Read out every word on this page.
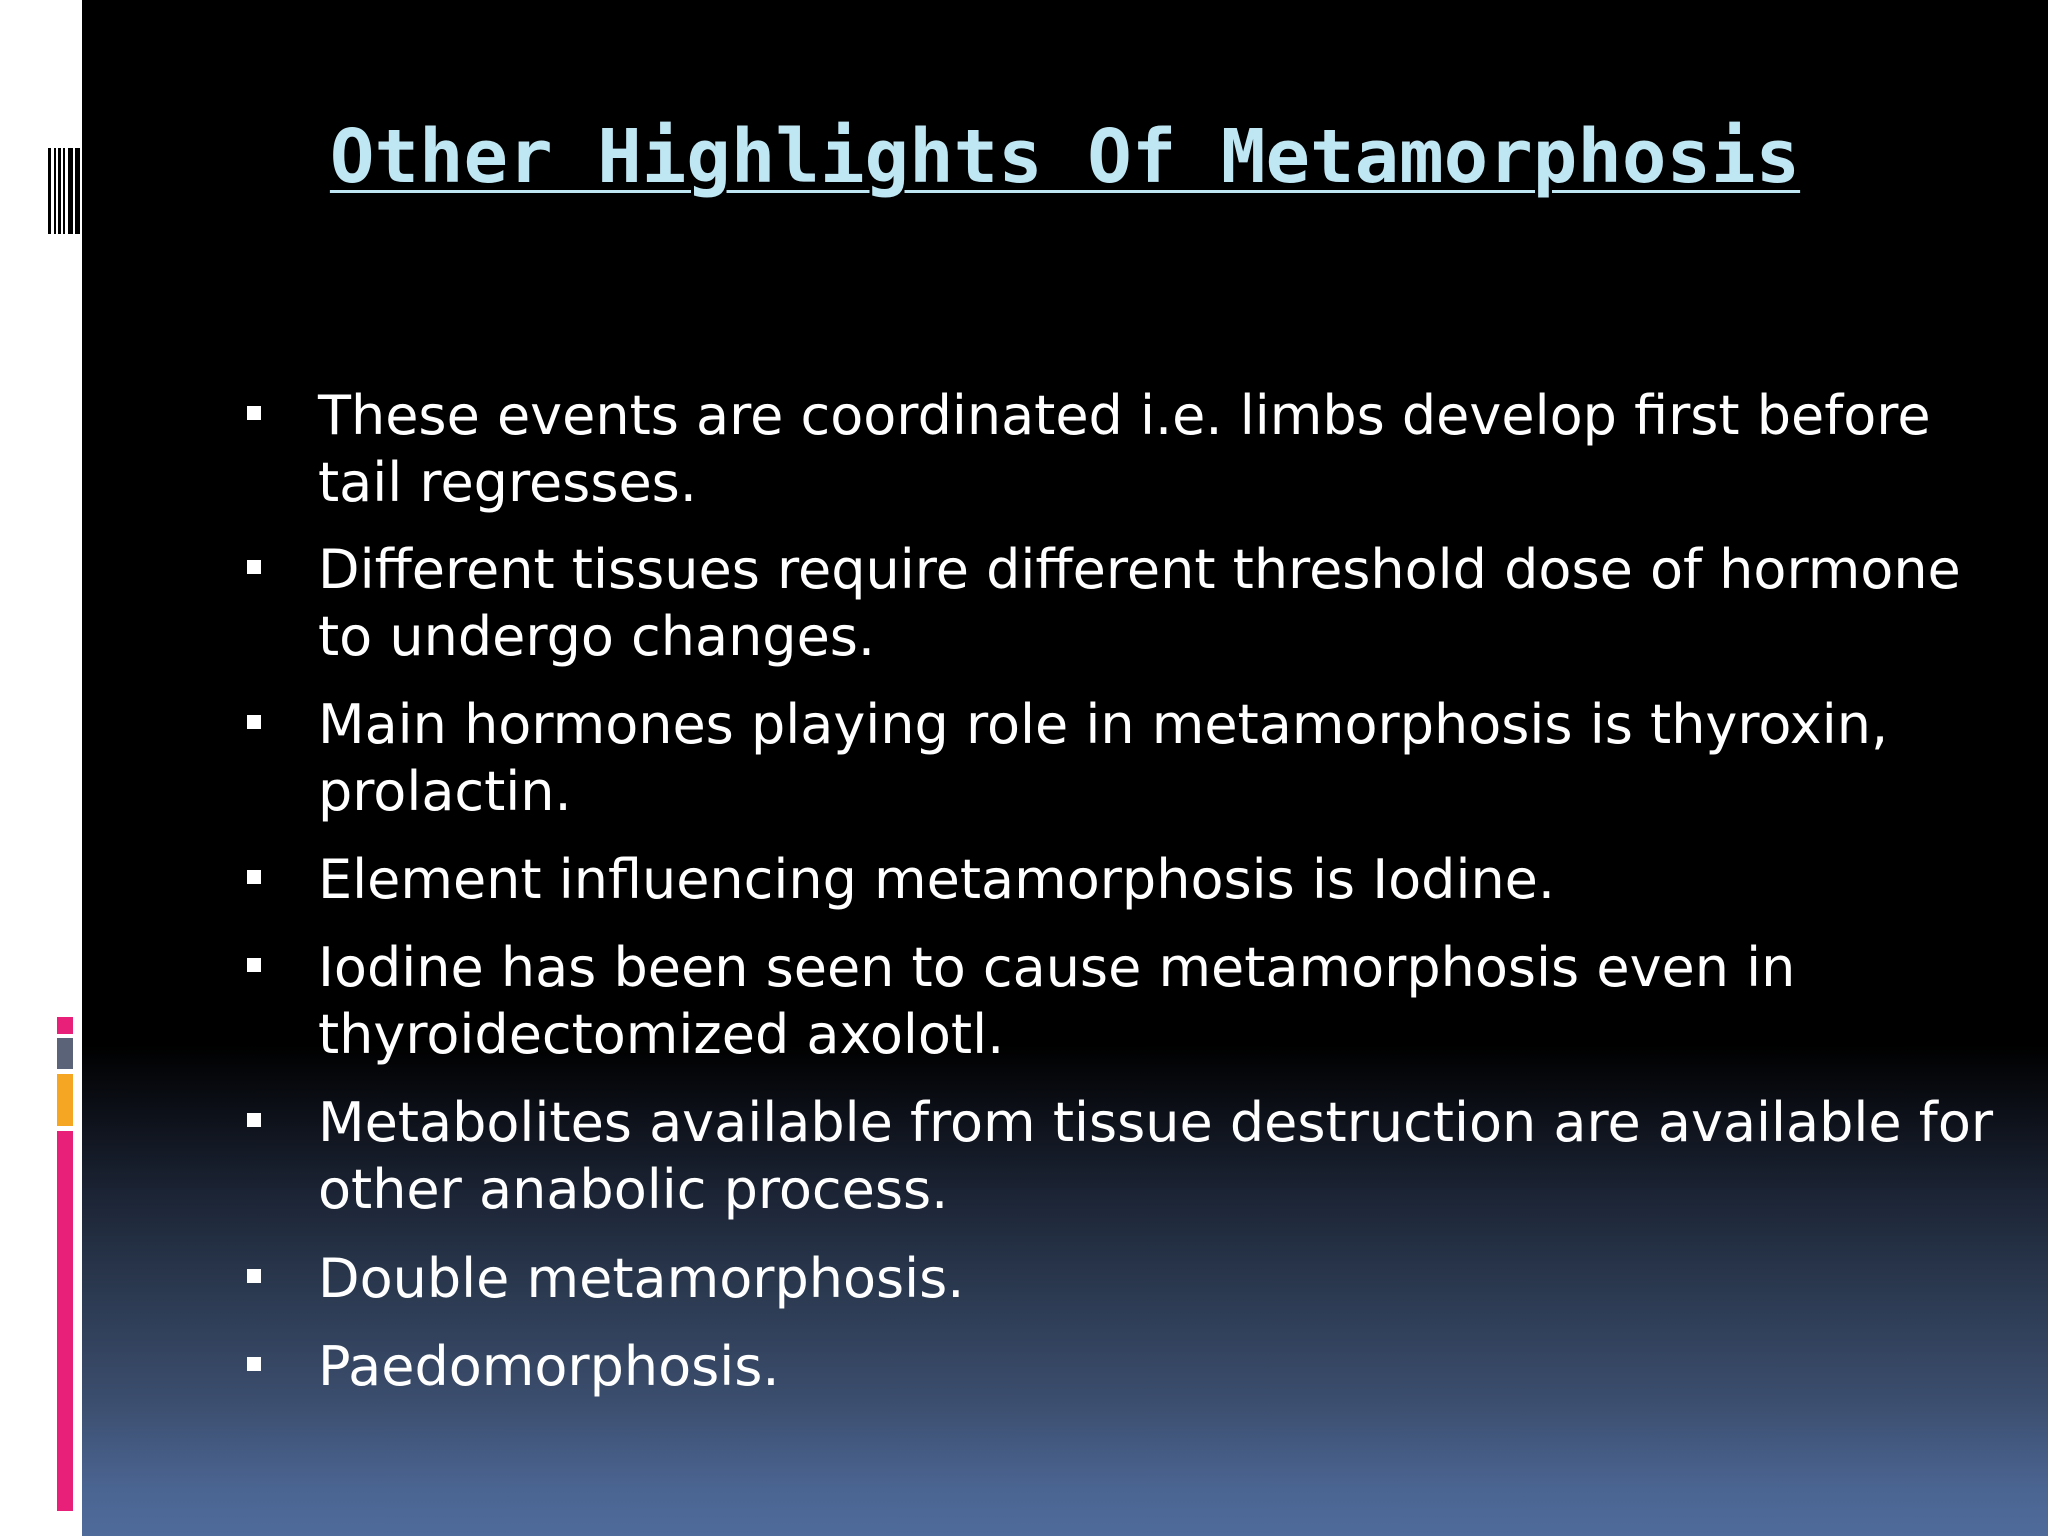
Other Highlights Of Metamorphosis
These events are coordinated i.e. limbs develop first before
tail regresses.
Different tissues require different threshold dose of hormone
to undergo changes.
Main hormones playing role in metamorphosis is thyroxin,
prolactin.
Element influencing metamorphosis is Iodine.
Iodine has been seen to cause metamorphosis even in
thyroidectomized axolotl.
Metabolites available from tissue destruction are available for
other anabolic process.
Double metamorphosis.
Paedomorphosis.
